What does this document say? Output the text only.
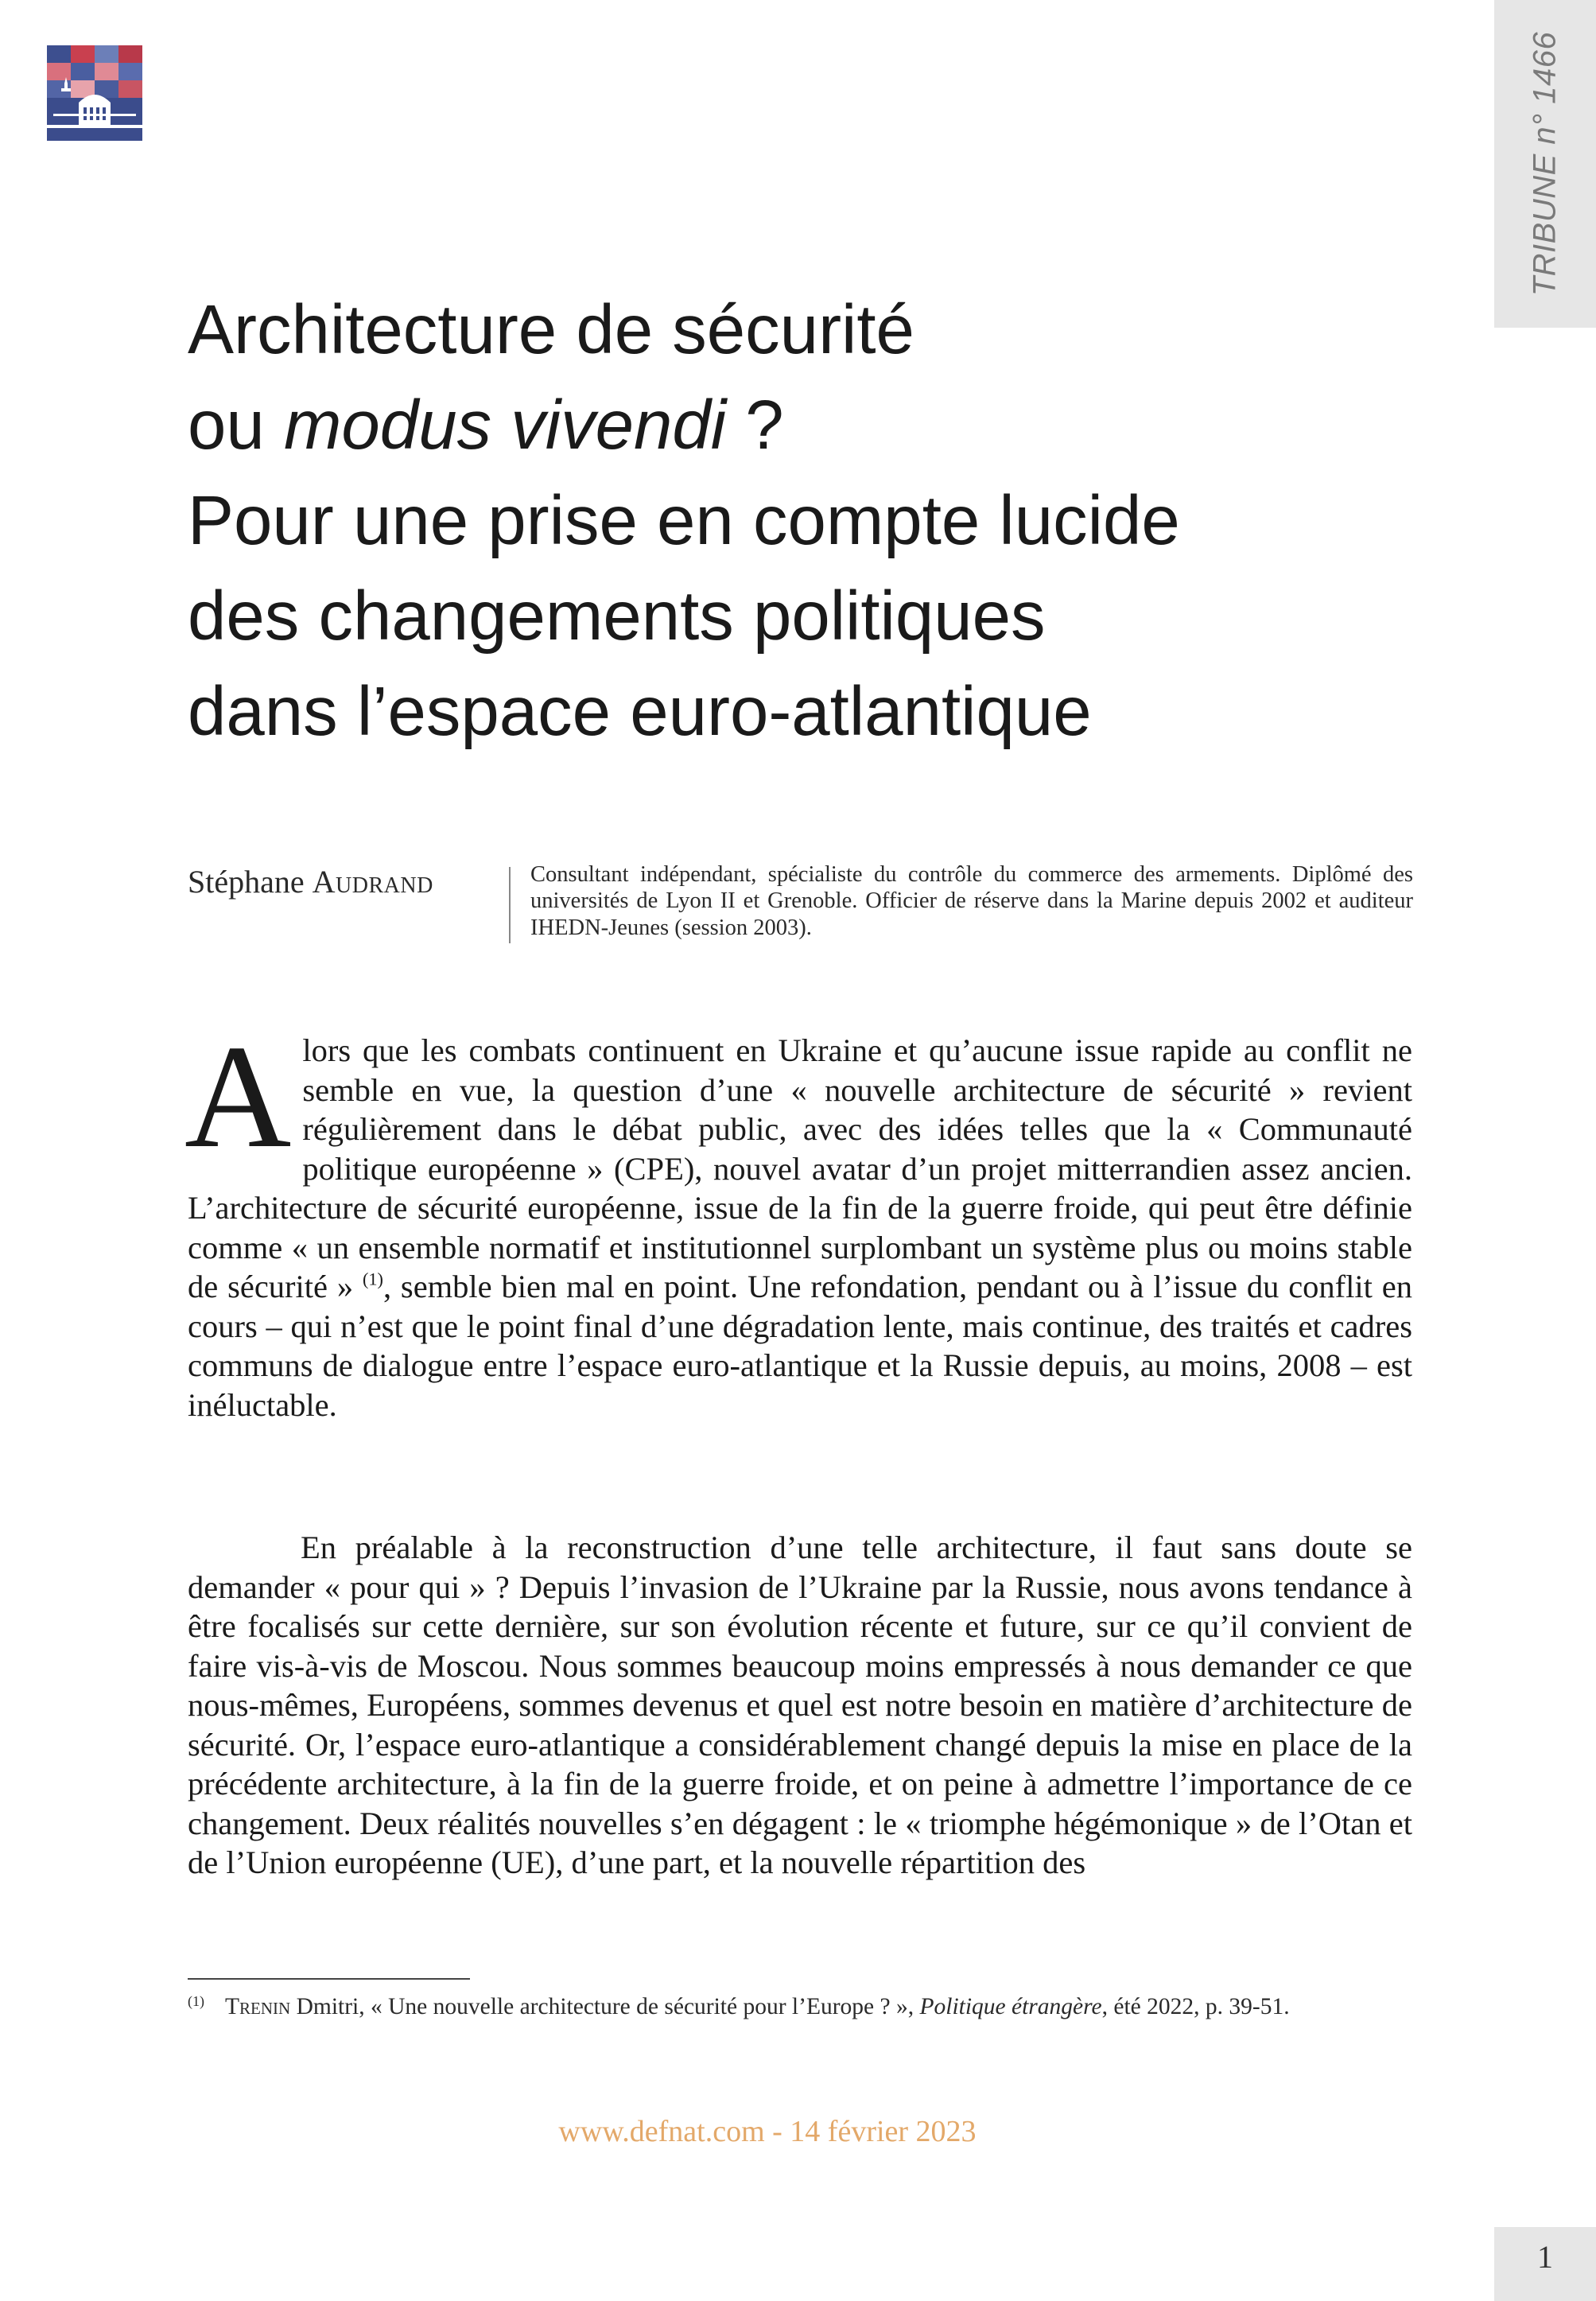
TRIBUNE n° 1466
Architecture de sécurité
ou modus vivendi ?
Pour une prise en compte lucide
des changements politiques
dans l’espace euro-atlantique
Stéphane Audrand	Consultant indépendant, spécialiste du contrôle du commerce des armements. Diplômé des universités de Lyon II et Grenoble. Officier de réserve dans la Marine depuis 2002 et auditeur IHEDN-Jeunes (session 2003).

Alors que les combats continuent en Ukraine et qu’aucune issue rapide au conflit ne semble en vue, la question d’une « nouvelle architecture de sécurité » revient régulièrement dans le débat public, avec des idées telles que la « Communauté politique européenne » (CPE), nouvel avatar d’un projet mitterrandien assez ancien. L’architecture de sécurité européenne, issue de la fin de la guerre froide, qui peut être définie comme « un ensemble normatif et institutionnel surplombant un système plus ou moins stable de sécurité » $^{(1)}$, semble bien mal en point. Une refondation, pendant ou à l’issue du conflit en cours – qui n’est que le point final d’une dégradation lente, mais continue, des traités et cadres communs de dialogue entre l’espace euro-atlantique et la Russie depuis, au moins, 2008 – est inéluctable.

En préalable à la reconstruction d’une telle architecture, il faut sans doute se demander « pour qui » ? Depuis l’invasion de l’Ukraine par la Russie, nous avons tendance à être focalisés sur cette dernière, sur son évolution récente et future, sur ce qu’il convient de faire vis-à-vis de Moscou. Nous sommes beaucoup moins empressés à nous demander ce que nous-mêmes, Européens, sommes devenus et quel est notre besoin en matière d’architecture de sécurité. Or, l’espace euro-atlantique a considérablement changé depuis la mise en place de la précédente architecture, à la fin de la guerre froide, et on peine à admettre l’importance de ce changement. Deux réalités nouvelles s’en dégagent : le « triomphe hégémonique » de l’Otan et de l’Union européenne (UE), d’une part, et la nouvelle répartition des

$^{(1)}$ Trenin Dmitri, « Une nouvelle architecture de sécurité pour l’Europe ? », Politique étrangère, été 2022, p. 39-51.
www.defnat.com - 14 février 2023
1
